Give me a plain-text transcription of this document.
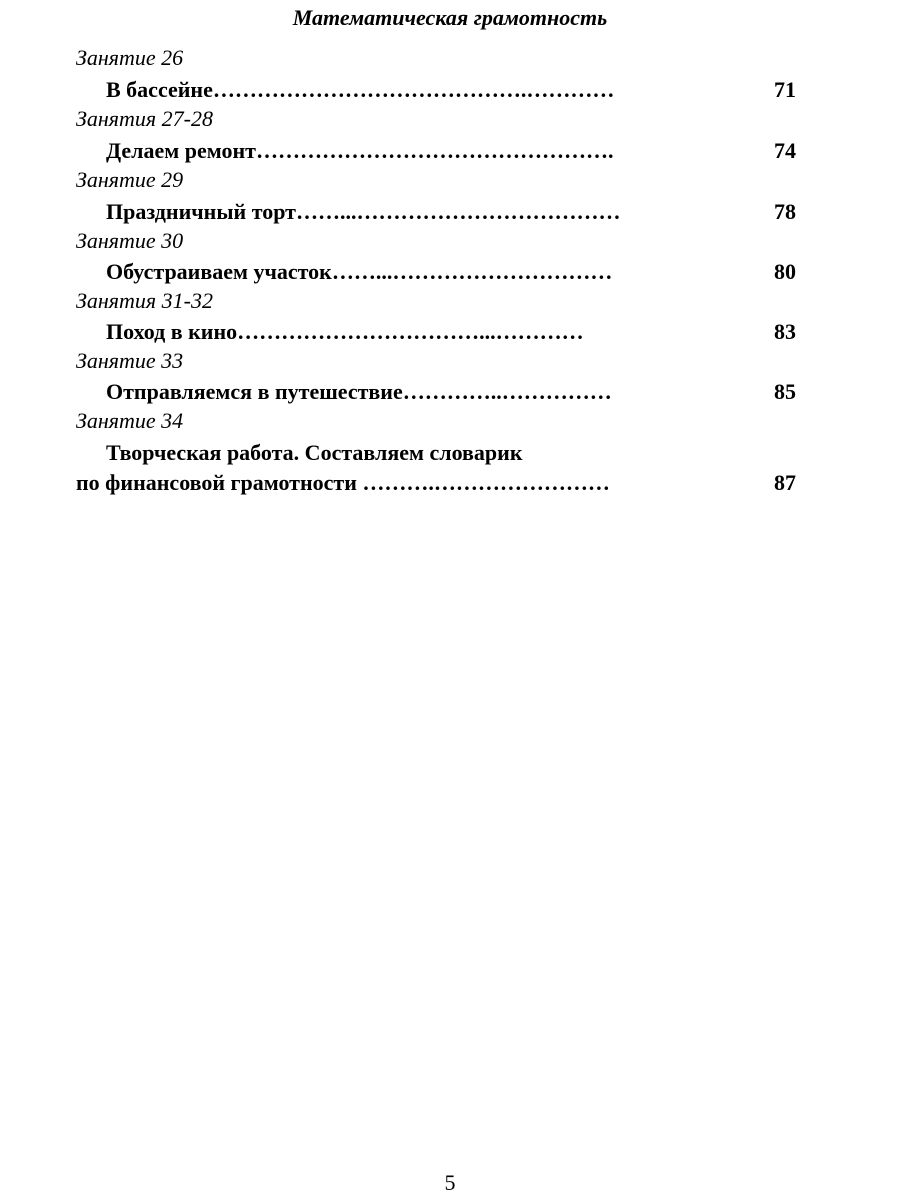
Математическая грамотность
Занятие 26
В бассейне…………………………………….…………	71
Занятия 27-28
Делаем ремонт………………………………………….	74
Занятие 29
Праздничный торт……...………………………………	78
Занятие 30
Обустраиваем участок……...…………………………	80
Занятия 31-32
Поход в кино……………………………...…………	83
Занятие 33
Отправляемся в путешествие…………..……………	85
Занятие 34
Творческая работа. Составляем словарик
по финансовой грамотности ……….……………………	87
5
